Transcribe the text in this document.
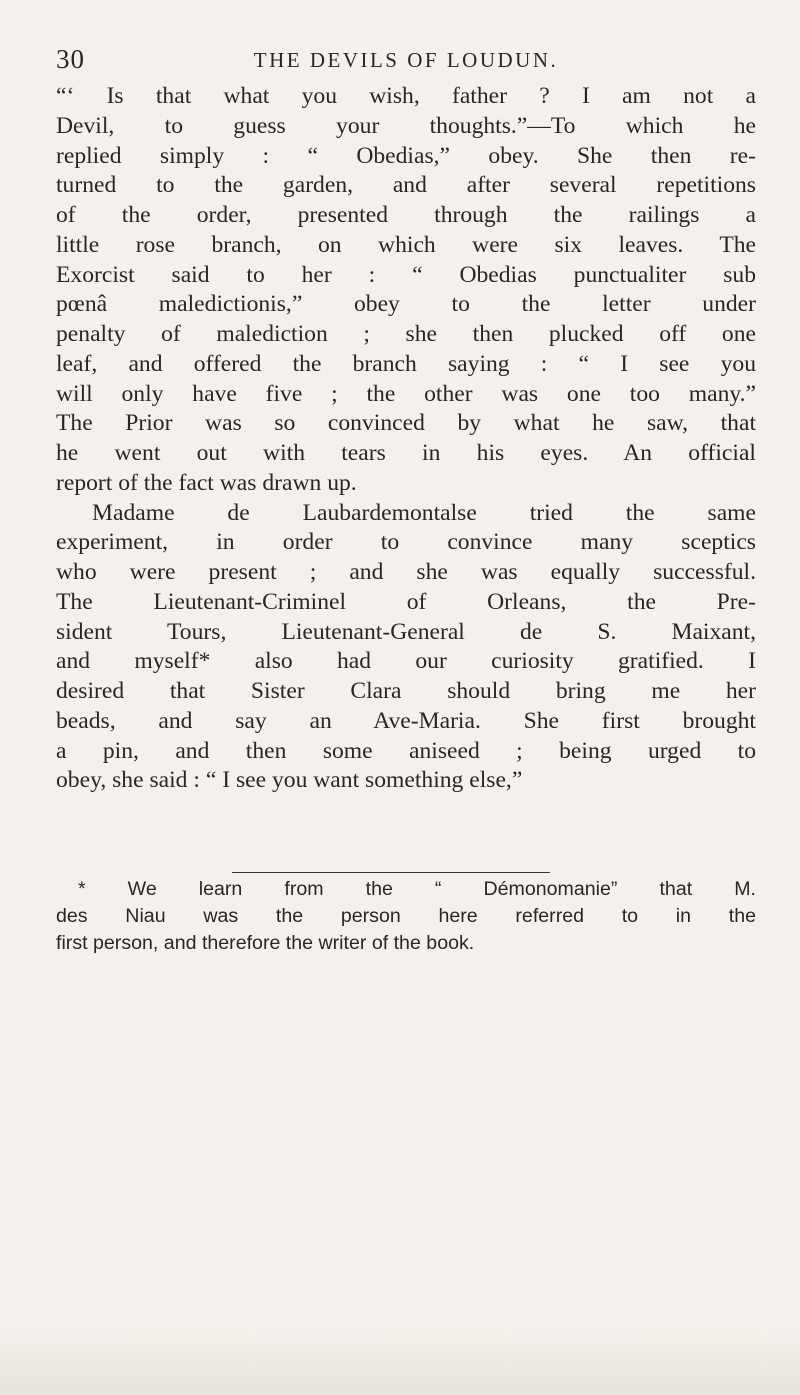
30	THE DEVILS OF LOUDUN.
“‘ Is that what you wish, father ? I am not a
Devil, to guess your thoughts.”—To which he
replied simply : “ Obedias,” obey. She then re-
turned to the garden, and after several repetitions
of the order, presented through the railings a
little rose branch, on which were six leaves. The
Exorcist said to her : “ Obedias punctualiter sub
pœnâ maledictionis,” obey to the letter under
penalty of malediction ; she then plucked off one
leaf, and offered the branch saying : “ I see you
will only have five ; the other was one too many.”
The Prior was so convinced by what he saw, that
he went out with tears in his eyes. An official
report of the fact was drawn up.
Madame de Laubardemontalse tried the same
experiment, in order to convince many sceptics
who were present ; and she was equally successful.
The Lieutenant-Criminel of Orleans, the Pre-
sident Tours, Lieutenant-General de S. Maixant,
and myself* also had our curiosity gratified. I
desired that Sister Clara should bring me her
beads, and say an Ave-Maria. She first brought
a pin, and then some aniseed ; being urged to
obey, she said : “ I see you want something else,”
* We learn from the “ Démonomanie” that M.
des Niau was the person here referred to in the
first person, and therefore the writer of the book.
